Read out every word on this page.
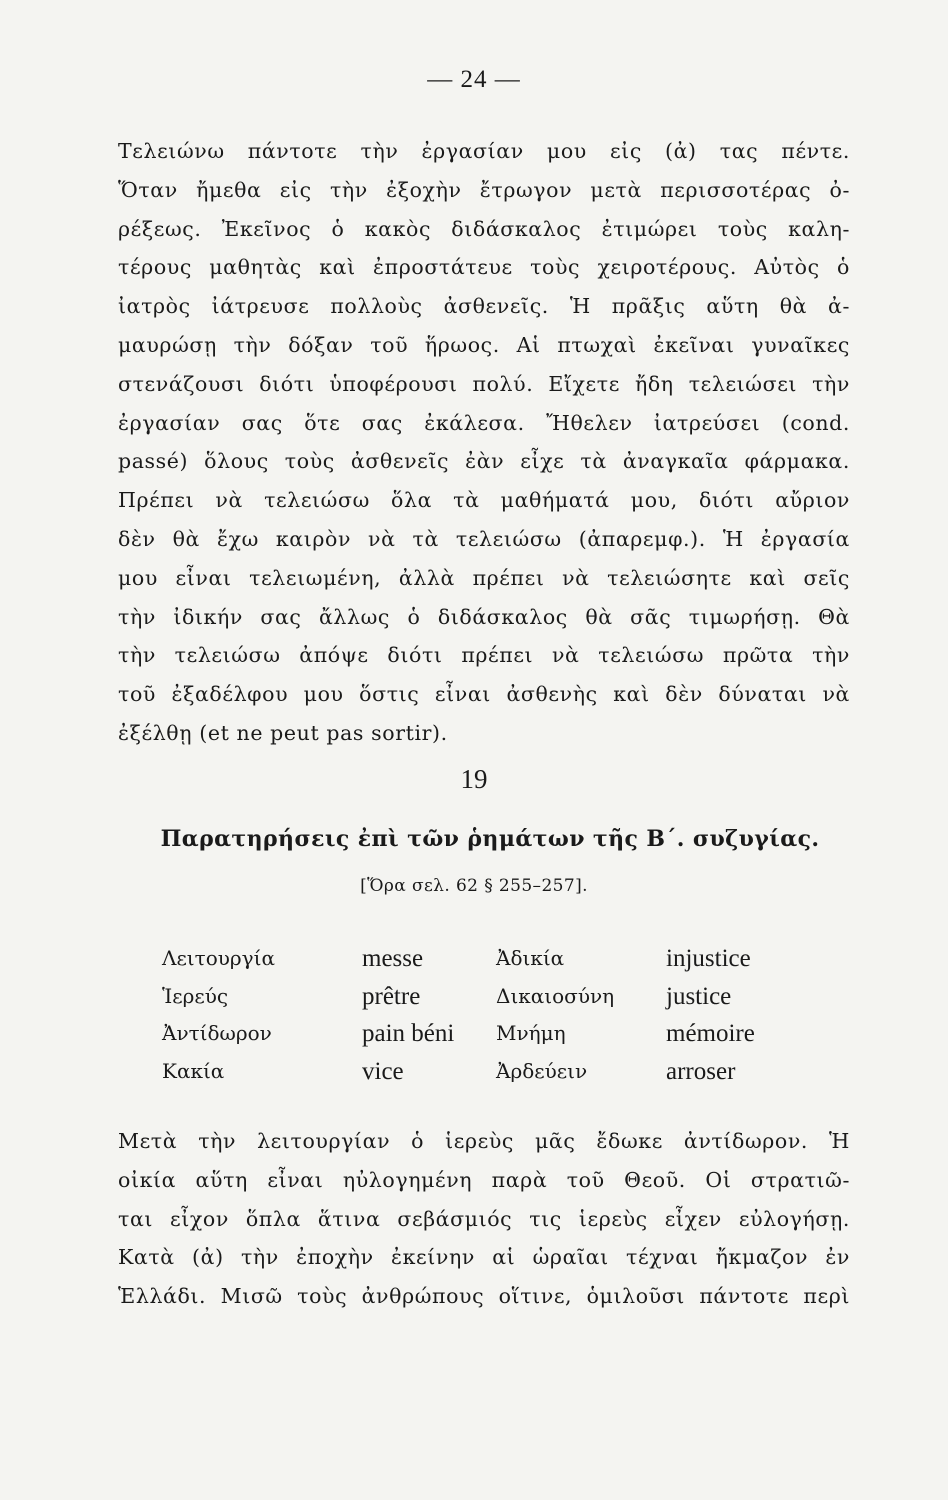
— 24 —
Τελειώνω πάντοτε τὴν ἐργασίαν μου εἰς (ἀ) τας πέντε.
Ὅταν ἤμεθα εἰς τὴν ἐξοχὴν ἔτρωγον μετὰ περισσοτέρας ὀ-
ρέξεως. Ἐκεῖνος ὁ κακὸς διδάσκαλος ἐτιμώρει τοὺς καλη-
τέρους μαθητὰς καὶ ἐπροστάτευε τοὺς χειροτέρους. Αὐτὸς ὁ
ἰατρὸς ἰάτρευσε πολλοὺς ἀσθενεῖς. Ἡ πρᾶξις αὕτη θὰ ἀ-
μαυρώσῃ τὴν δόξαν τοῦ ἥρωος. Αἱ πτωχαὶ ἐκεῖναι γυναῖκες
στενάζουσι διότι ὑποφέρουσι πολύ. Εἴχετε ἤδη τελειώσει τὴν
ἐργασίαν σας ὅτε σας ἐκάλεσα. Ἤθελεν ἰατρεύσει (cond.
passé) ὅλους τοὺς ἀσθενεῖς ἐὰν εἶχε τὰ ἀναγκαῖα φάρμακα.
Πρέπει νὰ τελειώσω ὅλα τὰ μαθήματά μου, διότι αὔριον
δὲν θὰ ἔχω καιρὸν νὰ τὰ τελειώσω (ἀπαρεμφ.). Ἡ ἐργασία
μου εἶναι τελειωμένη, ἀλλὰ πρέπει νὰ τελειώσητε καὶ σεῖς
τὴν ἰδικήν σας ἄλλως ὁ διδάσκαλος θὰ σᾶς τιμωρήσῃ. Θὰ
τὴν τελειώσω ἀπόψε διότι πρέπει νὰ τελειώσω πρῶτα τὴν
τοῦ ἐξαδέλφου μου ὅστις εἶναι ἀσθενὴς καὶ δὲν δύναται νὰ
ἐξέλθῃ (et ne peut pas sortir).
19
Παρατηρήσεις ἐπὶ τῶν ῥημάτων τῆς Β΄. συζυγίας.
[Ὅρα σελ. 62 § 255–257].
Λειτουργία	messe	Ἀδικία	injustice
Ἱερεύς	prêtre	Δικαιοσύνη justice
Ἀντίδωρον	pain béni Μνήμη	mémoire
Κακία	vice	Ἀρδεύειν	arroser
Μετὰ τὴν λειτουργίαν ὁ ἱερεὺς μᾶς ἔδωκε ἀντίδωρον. Ἡ
οἰκία αὕτη εἶναι ηὐλογημένη παρὰ τοῦ Θεοῦ. Οἱ στρατιῶ-
ται εἶχον ὅπλα ἅτινα σεβάσμιός τις ἱερεὺς εἶχεν εὐλογήσῃ.
Κατὰ (ἀ) τὴν ἐποχὴν ἐκείνην αἱ ὡραῖαι τέχναι ἤκμαζον ἐν
Ἑλλάδι. Μισῶ τοὺς ἀνθρώπους οἵτινε, ὁμιλοῦσι πάντοτε περὶ
